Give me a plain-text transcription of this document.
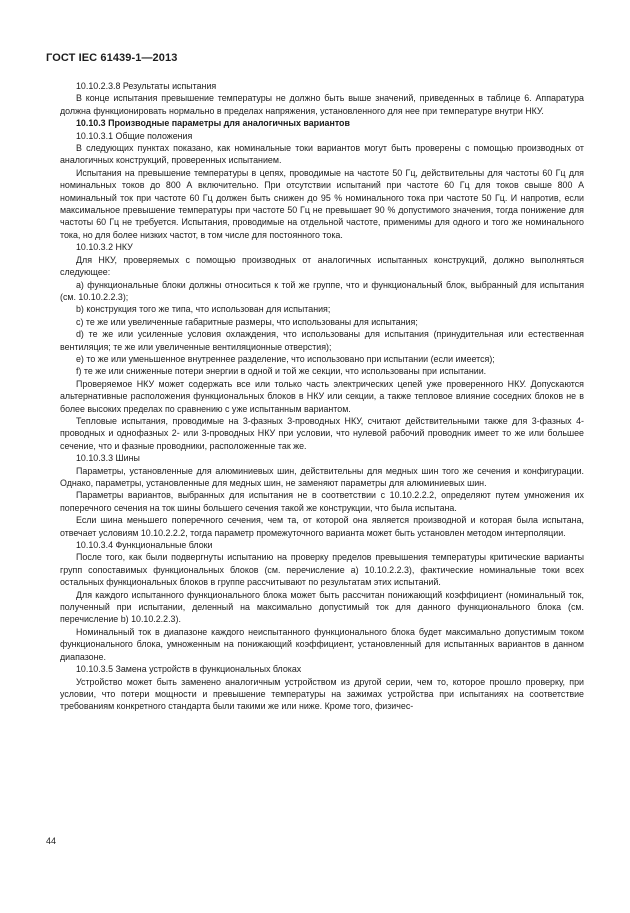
ГОСТ IEC 61439-1—2013

10.10.2.3.8 Результаты испытания

В конце испытания превышение температуры не должно быть выше значений, приведенных в таблице 6. Аппаратура должна функционировать нормально в пределах напряжения, установленного для нее при температуре внутри НКУ.

10.10.3 Производные параметры для аналогичных вариантов

10.10.3.1 Общие положения

В следующих пунктах показано, как номинальные токи вариантов могут быть проверены с помощью производных от аналогичных конструкций, проверенных испытанием.

Испытания на превышение температуры в цепях, проводимые на частоте 50 Гц, действительны для частоты 60 Гц для номинальных токов до 800 А включительно. При отсутствии испытаний при частоте 60 Гц для токов свыше 800 А номинальный ток при частоте 60 Гц должен быть снижен до 95 % номинального тока при частоте 50 Гц. И напротив, если максимальное превышение температуры при частоте 50 Гц не превышает 90 % допустимого значения, тогда понижение для частоты 60 Гц не требуется. Испытания, проводимые на отдельной частоте, применимы для одного и того же номинального тока, но для более низких частот, в том числе для постоянного тока.

10.10.3.2 НКУ

Для НКУ, проверяемых с помощью производных от аналогичных испытанных конструкций, должно выполняться следующее:

а) функциональные блоки должны относиться к той же группе, что и функциональный блок, выбранный для испытания (см. 10.10.2.2.3);

b) конструкция того же типа, что использован для испытания;

c) те же или увеличенные габаритные размеры, что использованы для испытания;

d) те же или усиленные условия охлаждения, что использованы для испытания (принудительная или естественная вентиляция; те же или увеличенные вентиляционные отверстия);

e) то же или уменьшенное внутреннее разделение, что использовано при испытании (если имеется);

f) те же или сниженные потери энергии в одной и той же секции, что использованы при испытании.

Проверяемое НКУ может содержать все или только часть электрических цепей уже проверенного НКУ. Допускаются альтернативные расположения функциональных блоков в НКУ или секции, а также тепловое влияние соседних блоков не в более высоких пределах по сравнению с уже испытанным вариантом.

Тепловые испытания, проводимые на 3-фазных 3-проводных НКУ, считают действительными также для 3-фазных 4-проводных и однофазных 2- или 3-проводных НКУ при условии, что нулевой рабочий проводник имеет то же или большее сечение, что и фазные проводники, расположенные так же.

10.10.3.3 Шины

Параметры, установленные для алюминиевых шин, действительны для медных шин того же сечения и конфигурации. Однако, параметры, установленные для медных шин, не заменяют параметры для алюминиевых шин.

Параметры вариантов, выбранных для испытания не в соответствии с 10.10.2.2.2, определяют путем умножения их поперечного сечения на ток шины большего сечения такой же конструкции, что была испытана.

Если шина меньшего поперечного сечения, чем та, от которой она является производной и которая была испытана, отвечает условиям 10.10.2.2.2, тогда параметр промежуточного варианта может быть установлен методом интерполяции.

10.10.3.4 Функциональные блоки

После того, как были подвергнуты испытанию на проверку пределов превышения температуры критические варианты групп сопоставимых функциональных блоков (см. перечисление а) 10.10.2.2.3), фактические номинальные токи всех остальных функциональных блоков в группе рассчитывают по результатам этих испытаний.

Для каждого испытанного функционального блока может быть рассчитан понижающий коэффициент (номинальный ток, полученный при испытании, деленный на максимально допустимый ток для данного функционального блока (см. перечисление b) 10.10.2.2.3).

Номинальный ток в диапазоне каждого неиспытанного функционального блока будет максимально допустимым током функционального блока, умноженным на понижающий коэффициент, установленный для испытанных вариантов в данном диапазоне.

10.10.3.5 Замена устройств в функциональных блоках

Устройство может быть заменено аналогичным устройством из другой серии, чем то, которое прошло проверку, при условии, что потери мощности и превышение температуры на зажимах устройства при испытаниях на соответствие требованиям конкретного стандарта были такими же или ниже. Кроме того, физичес-

44
